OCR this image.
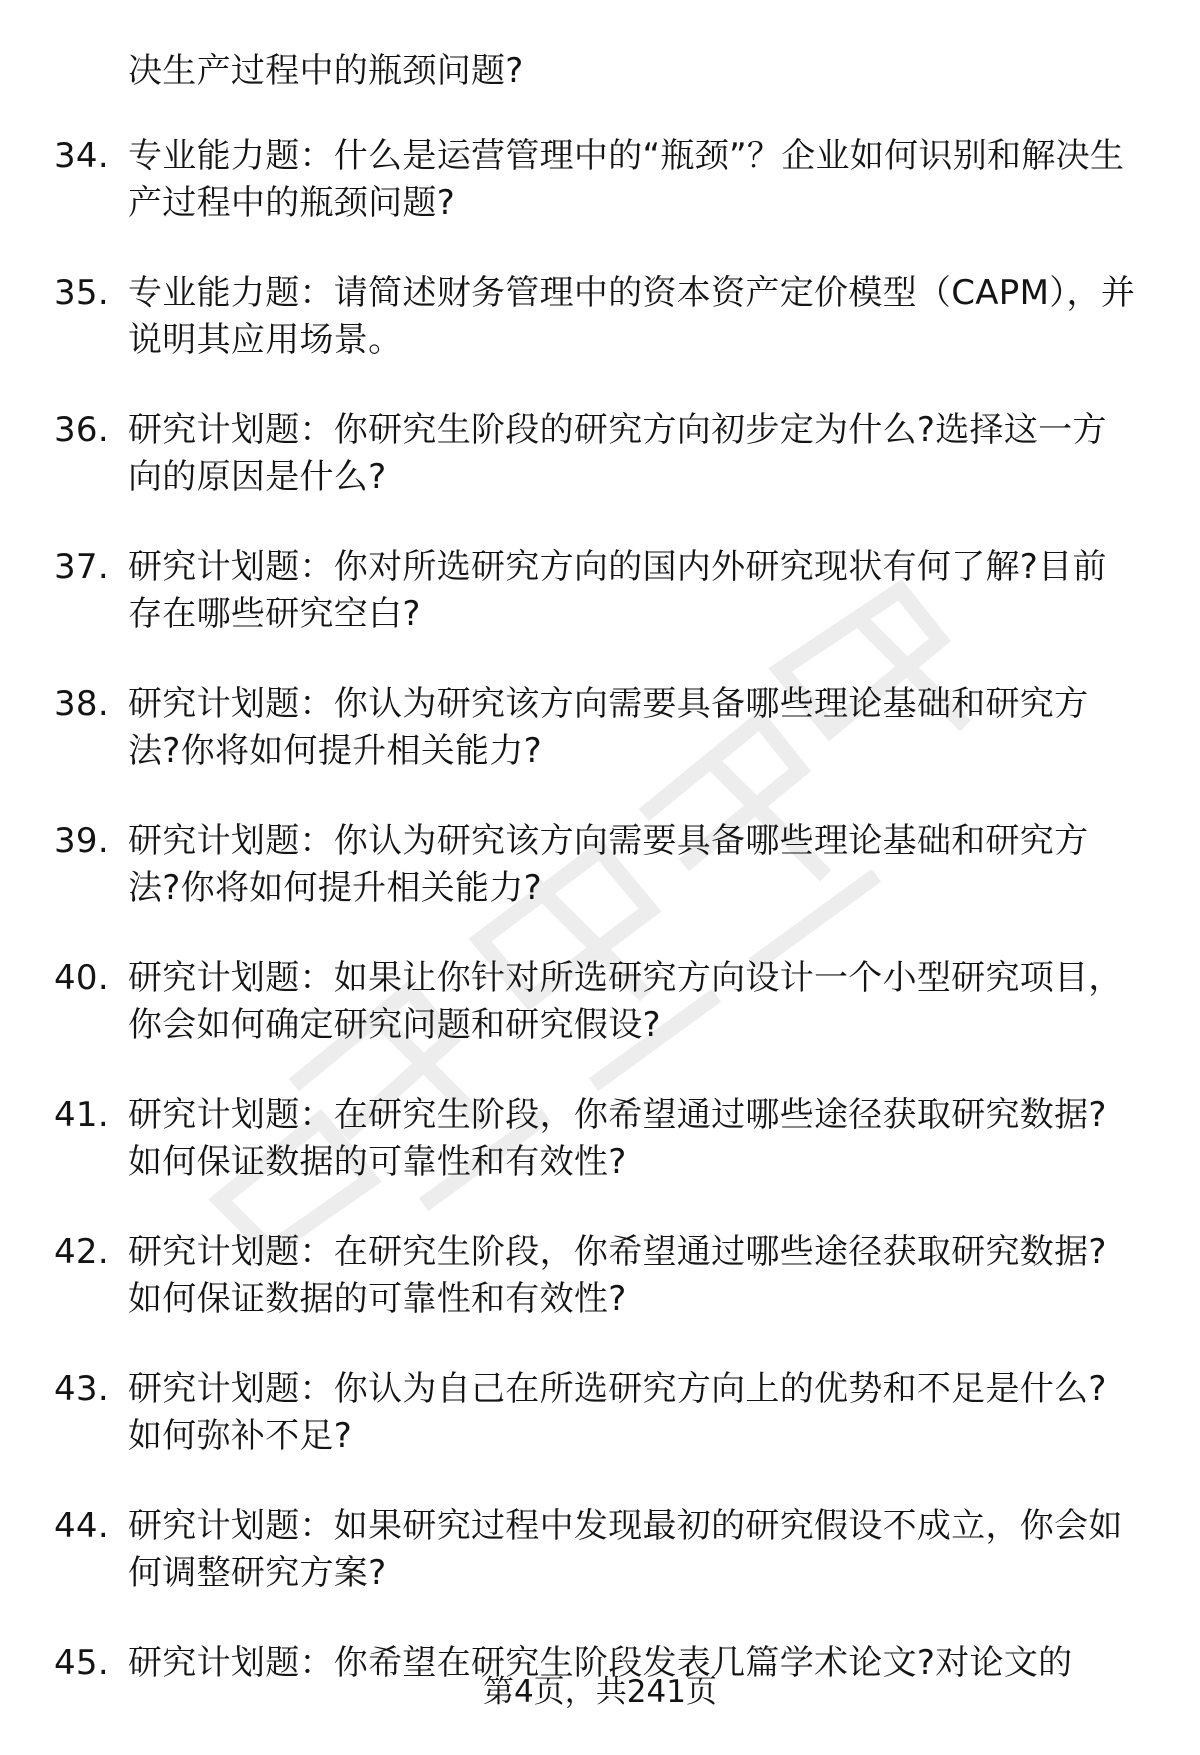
决生产过程中的瓶颈问题?
34. 专业能力题：什么是运营管理中的“瓶颈”？企业如何识别和解决生产过程中的瓶颈问题?
35. 专业能力题：请简述财务管理中的资本资产定价模型（CAPM），并说明其应用场景。
36. 研究计划题：你研究生阶段的研究方向初步定为什么?选择这一方向的原因是什么?
37. 研究计划题：你对所选研究方向的国内外研究现状有何了解?目前存在哪些研究空白?
38. 研究计划题：你认为研究该方向需要具备哪些理论基础和研究方法?你将如何提升相关能力?
39. 研究计划题：你认为研究该方向需要具备哪些理论基础和研究方法?你将如何提升相关能力?
40. 研究计划题：如果让你针对所选研究方向设计一个小型研究项目，你会如何确定研究问题和研究假设?
41. 研究计划题：在研究生阶段，你希望通过哪些途径获取研究数据?如何保证数据的可靠性和有效性?
42. 研究计划题：在研究生阶段，你希望通过哪些途径获取研究数据?如何保证数据的可靠性和有效性?
43. 研究计划题：你认为自己在所选研究方向上的优势和不足是什么?如何弥补不足?
44. 研究计划题：如果研究过程中发现最初的研究假设不成立，你会如何调整研究方案?
45. 研究计划题：你希望在研究生阶段发表几篇学术论文?对论文的
第4页，共241页
